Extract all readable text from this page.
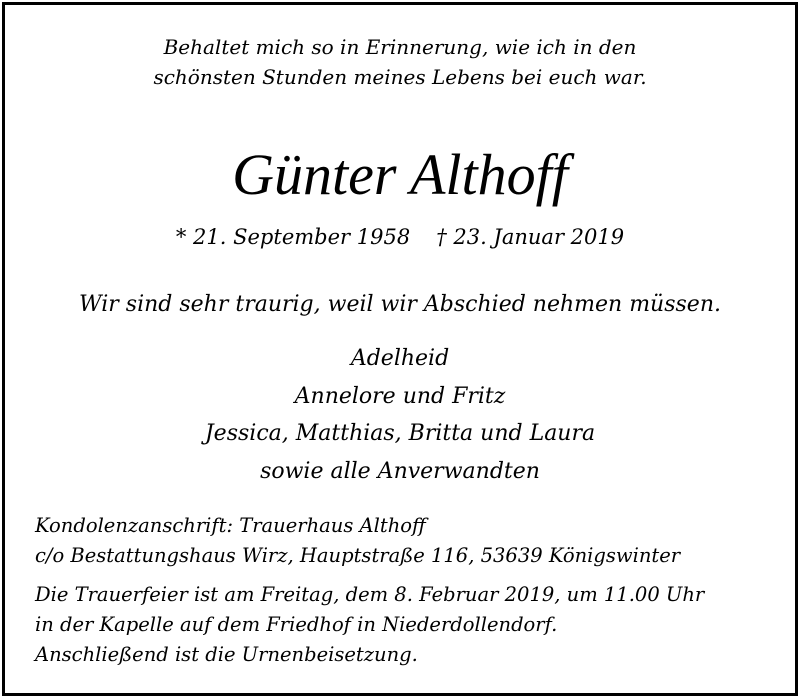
Behaltet mich so in Erinnerung, wie ich in den
schönsten Stunden meines Lebens bei euch war.
Günter Althoff
* 21. September 1958 † 23. Januar 2019
Wir sind sehr traurig, weil wir Abschied nehmen müssen.
Adelheid
Annelore und Fritz
Jessica, Matthias, Britta und Laura
sowie alle Anverwandten
Kondolenzanschrift: Trauerhaus Althoff
c/o Bestattungshaus Wirz, Hauptstraße 116, 53639 Königswinter
Die Trauerfeier ist am Freitag, dem 8. Februar 2019, um 11.00 Uhr
in der Kapelle auf dem Friedhof in Niederdollendorf.
Anschließend ist die Urnenbeisetzung.
